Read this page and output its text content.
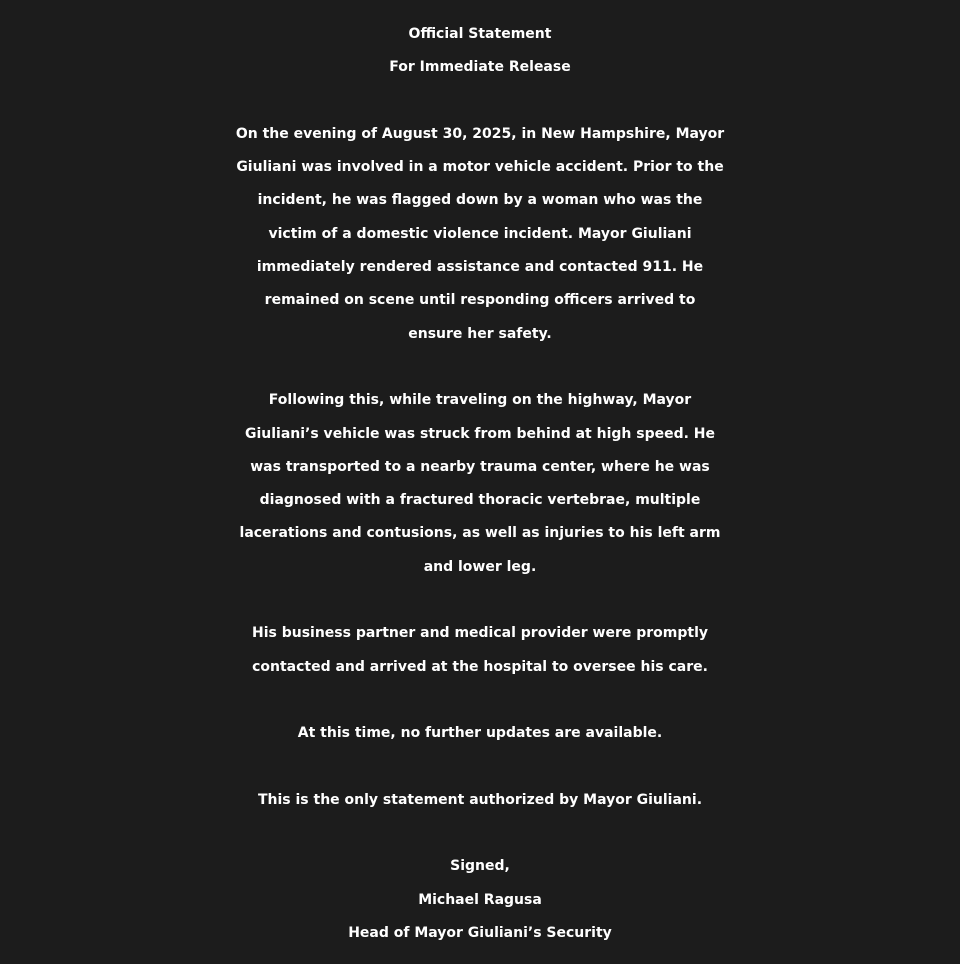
Official Statement
For Immediate Release
On the evening of August 30, 2025, in New Hampshire, Mayor
Giuliani was involved in a motor vehicle accident. Prior to the
incident, he was flagged down by a woman who was the
victim of a domestic violence incident. Mayor Giuliani
immediately rendered assistance and contacted 911. He
remained on scene until responding officers arrived to
ensure her safety.
Following this, while traveling on the highway, Mayor
Giuliani’s vehicle was struck from behind at high speed. He
was transported to a nearby trauma center, where he was
diagnosed with a fractured thoracic vertebrae, multiple
lacerations and contusions, as well as injuries to his left arm
and lower leg.
His business partner and medical provider were promptly
contacted and arrived at the hospital to oversee his care.
At this time, no further updates are available.
This is the only statement authorized by Mayor Giuliani.
Signed,
Michael Ragusa
Head of Mayor Giuliani’s Security
